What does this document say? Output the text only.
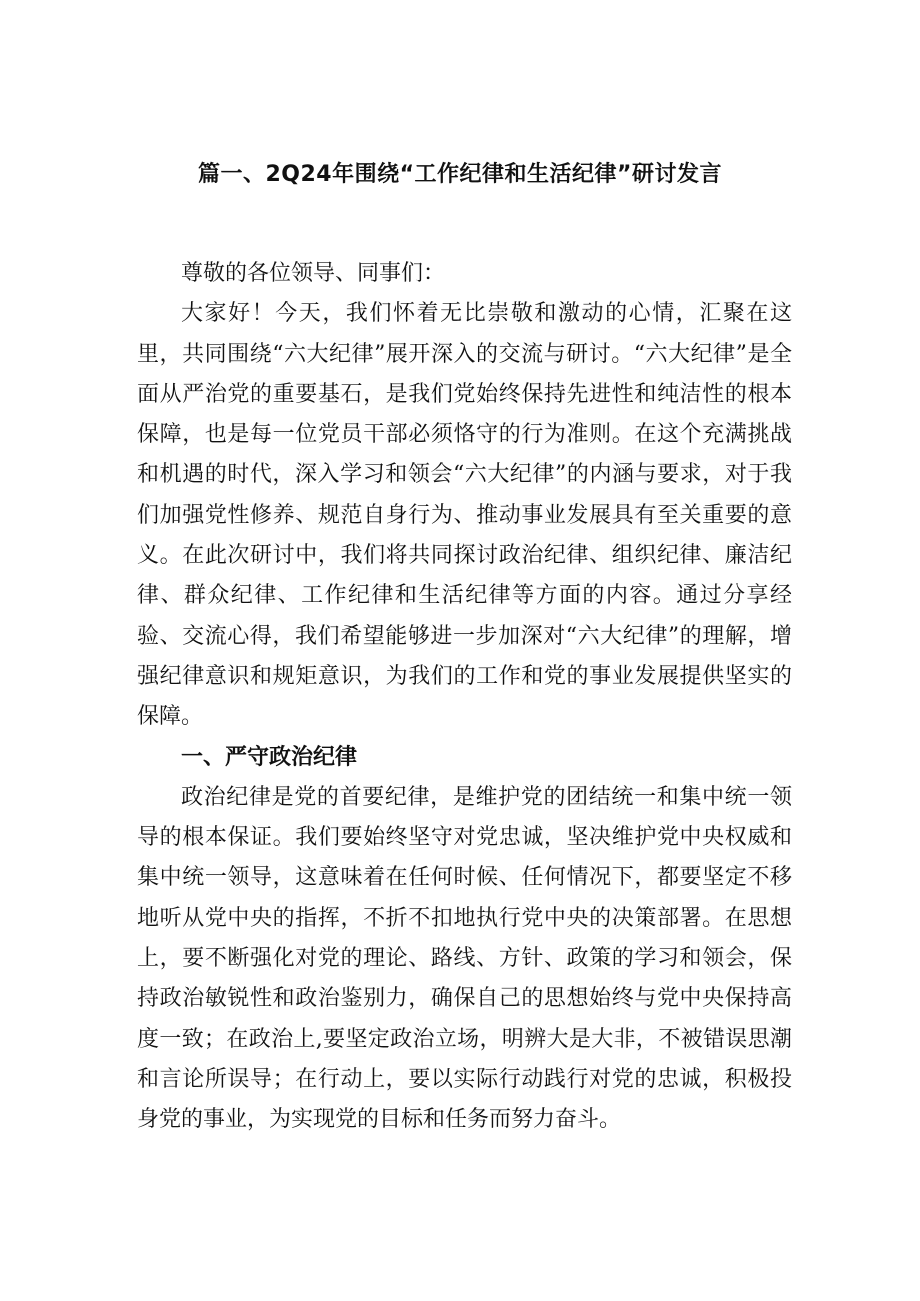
篇一、2Q24年围绕“工作纪律和生活纪律”研讨发言

尊敬的各位领导、同事们：

大家好！今天，我们怀着无比崇敬和激动的心情，汇聚在这里，共同围绕“六大纪律”展开深入的交流与研讨。“六大纪律”是全面从严治党的重要基石，是我们党始终保持先进性和纯洁性的根本保障，也是每一位党员干部必须恪守的行为准则。在这个充满挑战和机遇的时代，深入学习和领会“六大纪律”的内涵与要求，对于我们加强党性修养、规范自身行为、推动事业发展具有至关重要的意义。在此次研讨中，我们将共同探讨政治纪律、组织纪律、廉洁纪律、群众纪律、工作纪律和生活纪律等方面的内容。通过分享经验、交流心得，我们希望能够进一步加深对“六大纪律”的理解，增强纪律意识和规矩意识，为我们的工作和党的事业发展提供坚实的保障。

一、严守政治纪律

政治纪律是党的首要纪律，是维护党的团结统一和集中统一领导的根本保证。我们要始终坚守对党忠诚，坚决维护党中央权威和集中统一领导，这意味着在任何时候、任何情况下，都要坚定不移地听从党中央的指挥，不折不扣地执行党中央的决策部署。在思想上，要不断强化对党的理论、路线、方针、政策的学习和领会，保持政治敏锐性和政治鉴别力，确保自己的思想始终与党中央保持高度一致；在政治上,要坚定政治立场，明辨大是大非，不被错误思潮和言论所误导；在行动上，要以实际行动践行对党的忠诚，积极投身党的事业，为实现党的目标和任务而努力奋斗。
